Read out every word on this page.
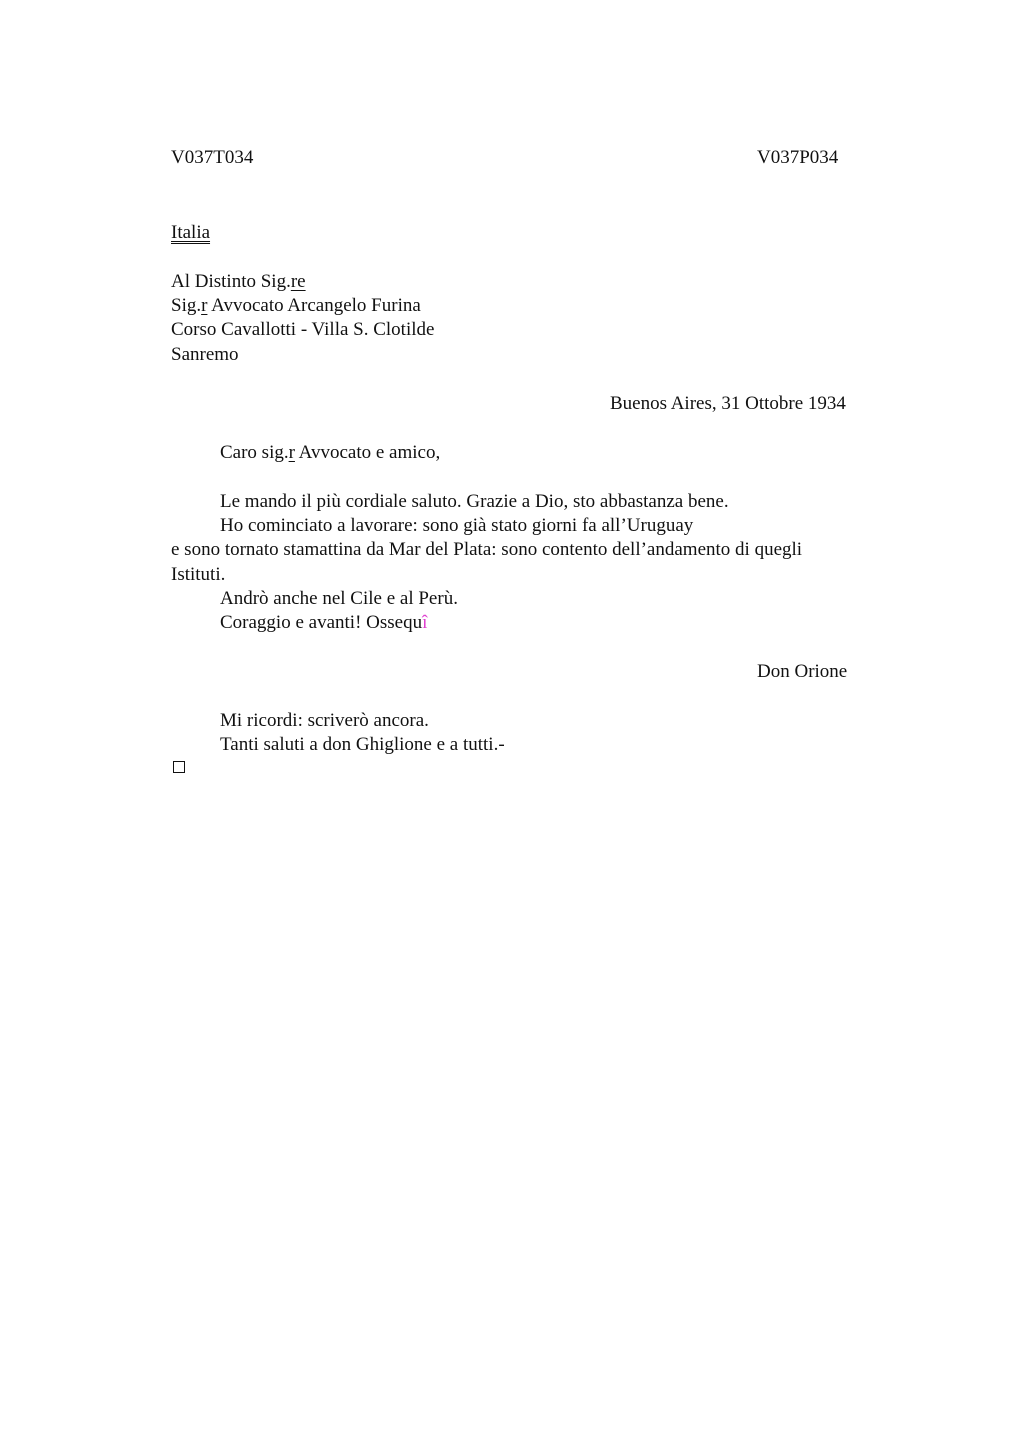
V037T034	V037P034
Italia
Al Distinto Sig.re
Sig.r Avvocato Arcangelo Furina
Corso Cavallotti - Villa S. Clotilde
Sanremo
Buenos Aires, 31 Ottobre 1934
Caro sig.r Avvocato e amico,
Le mando il più cordiale saluto. Grazie a Dio, sto abbastanza bene.
Ho cominciato a lavorare: sono già stato giorni fa all’Uruguay
e sono tornato stamattina da Mar del Plata: sono contento dell’andamento di quegli
Istituti.
Andrò anche nel Cile e al Perù.
Coraggio e avanti! Ossequî
Don Orione
Mi ricordi: scriverò ancora.
Tanti saluti a don Ghiglione e a tutti.-
